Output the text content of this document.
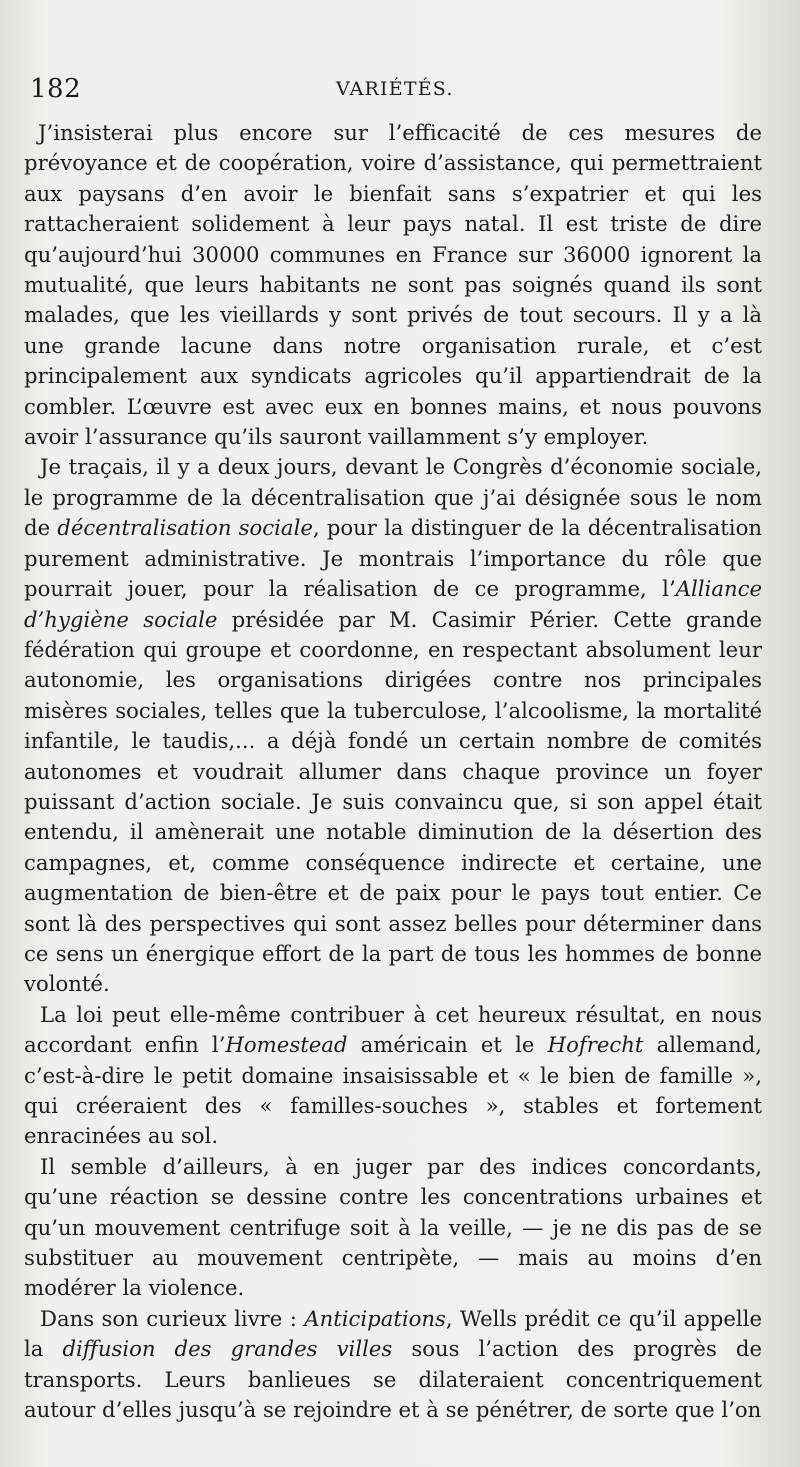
182	VARIÉTÉS.

J’insisterai plus encore sur l’efficacité de ces mesures de prévoyance et de coopération, voire d’assistance, qui permettraient aux paysans d’en avoir le bienfait sans s’expatrier et qui les rattacheraient solidement à leur pays natal. Il est triste de dire qu’aujourd’hui 30000 communes en France sur 36000 ignorent la mutualité, que leurs habitants ne sont pas soignés quand ils sont malades, que les vieillards y sont privés de tout secours. Il y a là une grande lacune dans notre organisation rurale, et c’est principalement aux syndicats agricoles qu’il appartiendrait de la combler. L’œuvre est avec eux en bonnes mains, et nous pouvons avoir l’assurance qu’ils sauront vaillamment s’y employer.

Je traçais, il y a deux jours, devant le Congrès d’économie sociale, le programme de la décentralisation que j’ai désignée sous le nom de décentralisation sociale, pour la distinguer de la décentralisation purement administrative. Je montrais l’importance du rôle que pourrait jouer, pour la réalisation de ce programme, l’Alliance d’hygiène sociale présidée par M. Casimir Périer. Cette grande fédération qui groupe et coordonne, en respectant absolument leur autonomie, les organisations dirigées contre nos principales misères sociales, telles que la tuberculose, l’alcoolisme, la mortalité infantile, le taudis,... a déjà fondé un certain nombre de comités autonomes et voudrait allumer dans chaque province un foyer puissant d’action sociale. Je suis convaincu que, si son appel était entendu, il amènerait une notable diminution de la désertion des campagnes, et, comme conséquence indirecte et certaine, une augmentation de bien-être et de paix pour le pays tout entier. Ce sont là des perspectives qui sont assez belles pour déterminer dans ce sens un énergique effort de la part de tous les hommes de bonne volonté.

La loi peut elle-même contribuer à cet heureux résultat, en nous accordant enfin l’Homestead américain et le Hofrecht allemand, c’est-à-dire le petit domaine insaisissable et « le bien de famille », qui créeraient des « familles-souches », stables et fortement enracinées au sol.

Il semble d’ailleurs, à en juger par des indices concordants, qu’une réaction se dessine contre les concentrations urbaines et qu’un mouvement centrifuge soit à la veille, — je ne dis pas de se substituer au mouvement centripète, — mais au moins d’en modérer la violence.

Dans son curieux livre : Anticipations, Wells prédit ce qu’il appelle la diffusion des grandes villes sous l’action des progrès de transports. Leurs banlieues se dilateraient concentriquement autour d’elles jusqu’à se rejoindre et à se pénétrer, de sorte que l’on
